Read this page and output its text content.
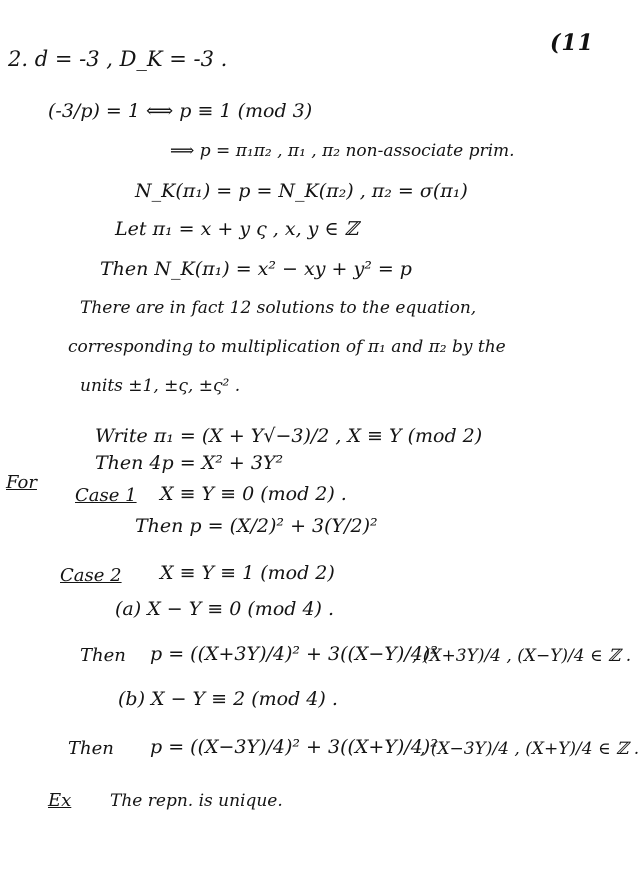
(11
2. d = -3 , D_K = -3 .
(-3/p) = 1 ⟺ p ≡ 1 (mod 3)
⟹ p = π₁π₂ , π₁ , π₂ non-associate prim.
N_K(π₁) = p = N_K(π₂) , π₂ = σ(π₁)
Let π₁ = x + y ς , x, y ∈ ℤ
Then N_K(π₁) = x² − xy + y² = p
There are in fact 12 solutions to the equation,
corresponding to multiplication of π₁ and π₂ by the
units ±1, ±ς, ±ς² .
Write π₁ = (X + Y√−3)/2 , X ≡ Y (mod 2)
Then 4p = X² + 3Y²
For
Case 1 X ≡ Y ≡ 0 (mod 2) .
Then p = (X/2)² + 3(Y/2)²
Case 2 X ≡ Y ≡ 1 (mod 2)
(a) X − Y ≡ 0 (mod 4) .
Then p = ((X+3Y)/4)² + 3((X−Y)/4)²
, (X+3Y)/4 , (X−Y)/4 ∈ ℤ .
(b) X − Y ≡ 2 (mod 4) .
Then p = ((X−3Y)/4)² + 3((X+Y)/4)²
, (X−3Y)/4 , (X+Y)/4 ∈ ℤ .
Ex The repn. is unique.
